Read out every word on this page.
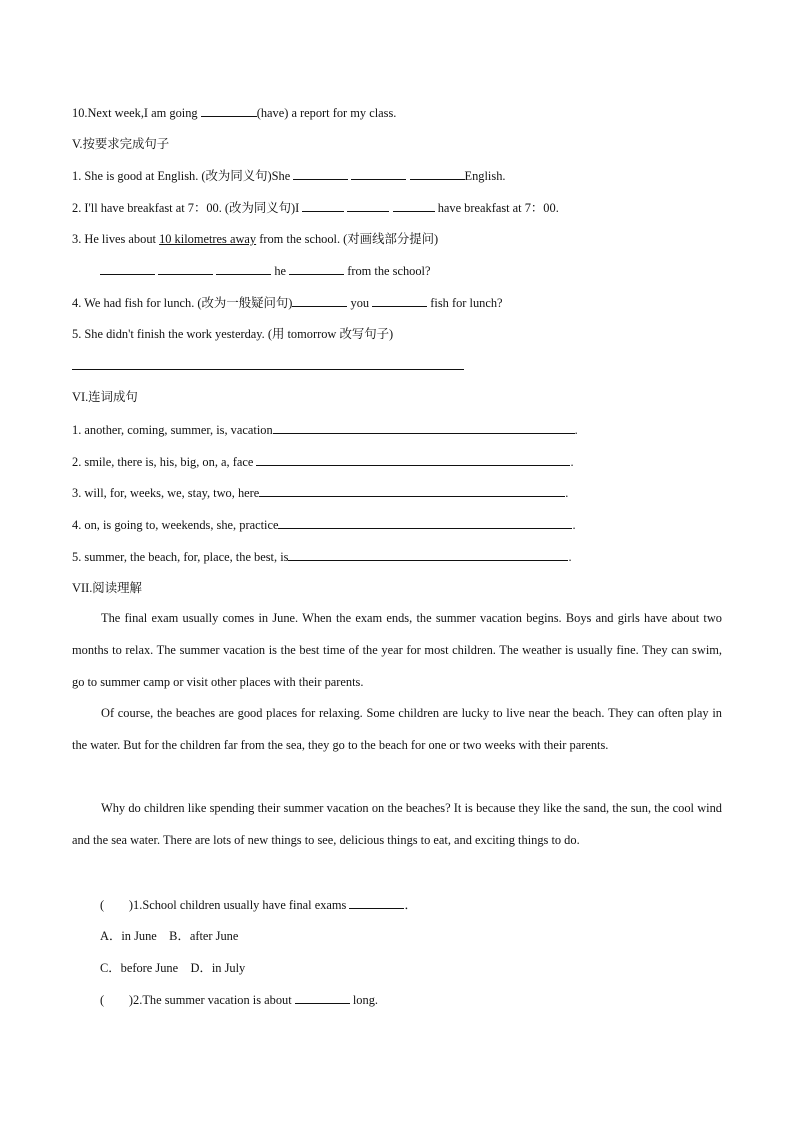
10.Next week,I am going	(have) a report for my class.
V.按要求完成句子
1. She is good at English. (改为同义句)She	English.
2. I'll have breakfast at 7：00. (改为同义句)I	have breakfast at 7：00.
3. He lives about 10 kilometres away from the school. (对画线部分提问)
he	from the school?
4. We had fish for lunch. (改为一般疑问句)	you	fish for lunch?
5. She didn't finish the work yesterday. (用 tomorrow 改写句子)
VI.连词成句
1. another, coming, summer, is, vacation	.
2. smile, there is, his, big, on, a, face	.
3. will, for, weeks, we, stay, two, here	.
4. on, is going to, weekends, she, practice	.
5. summer, the beach, for, place, the best, is	.
VII.阅读理解
The final exam usually comes in June. When the exam ends, the summer vacation begins. Boys and girls have about two months to relax. The summer vacation is the best time of the year for most children. The weather is usually fine. They can swim, go to summer camp or visit other places with their parents.
Of course, the beaches are good places for relaxing. Some children are lucky to live near the beach. They can often play in the water. But for the children far from the sea, they go to the beach for one or two weeks with their parents.
Why do children like spending their summer vacation on the beaches? It is because they like the sand, the sun, the cool wind and the sea water. There are lots of new things to see, delicious things to eat, and exciting things to do.
(　　)1.School children usually have final exams	．
A．in June　B．after June
C．before June　D．in July
(　　)2.The summer vacation is about	long.
